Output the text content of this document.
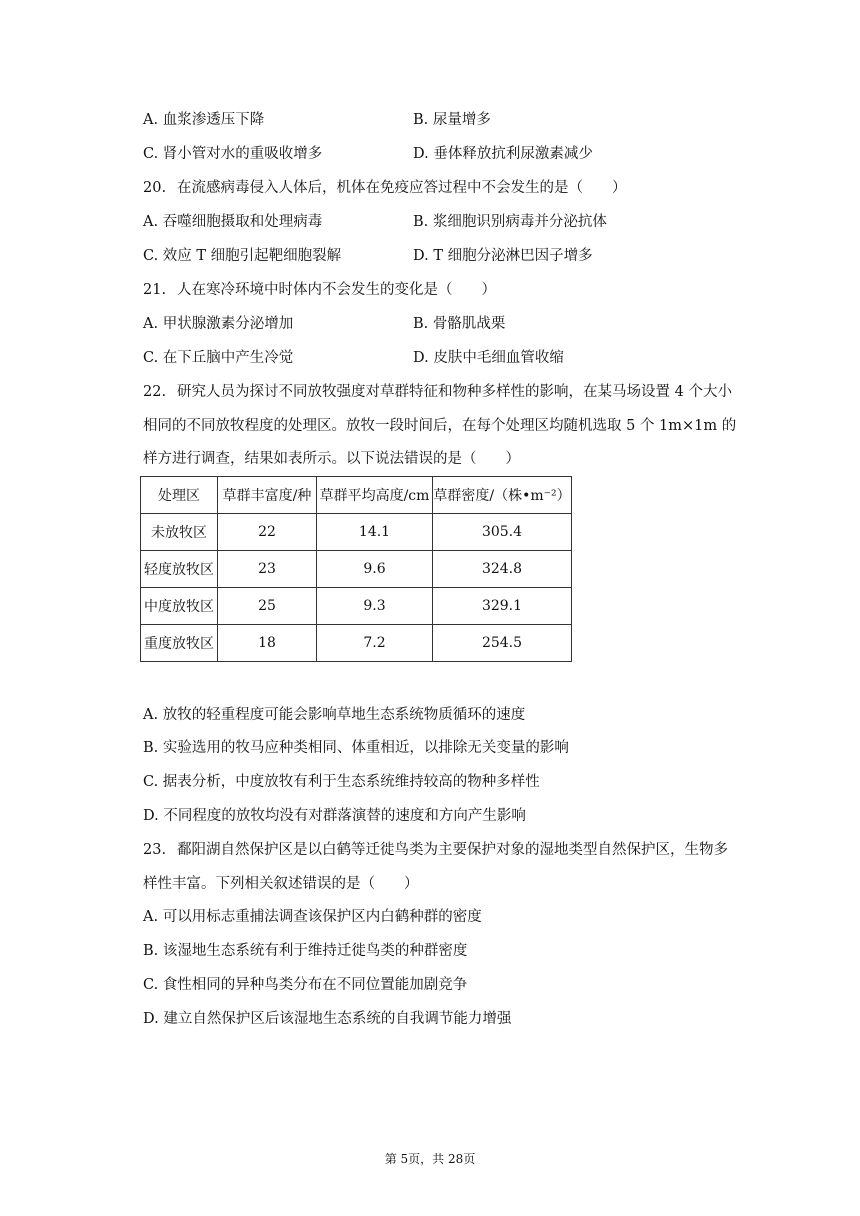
A. 血浆渗透压下降	B. 尿量增多
C. 肾小管对水的重吸收增多	D. 垂体释放抗利尿激素减少
20. 在流感病毒侵入人体后，机体在免疫应答过程中不会发生的是（　　）
A. 吞噬细胞摄取和处理病毒	B. 浆细胞识别病毒并分泌抗体
C. 效应 T 细胞引起靶细胞裂解	D. T 细胞分泌淋巴因子增多
21. 人在寒冷环境中时体内不会发生的变化是（　　）
A. 甲状腺激素分泌增加	B. 骨骼肌战栗
C. 在下丘脑中产生冷觉	D. 皮肤中毛细血管收缩
22. 研究人员为探讨不同放牧强度对草群特征和物种多样性的影响，在某马场设置 4 个大小
相同的不同放牧程度的处理区。放牧一段时间后，在每个处理区均随机选取 5 个 1m×1m 的
样方进行调查，结果如表所示。以下说法错误的是（　　）
处理区	草群丰富度/种	草群平均高度/cm	草群密度/（株•m⁻²）
未放牧区	22	14.1	305.4
轻度放牧区	23	9.6	324.8
中度放牧区	25	9.3	329.1
重度放牧区	18	7.2	254.5
A. 放牧的轻重程度可能会影响草地生态系统物质循环的速度
B. 实验选用的牧马应种类相同、体重相近，以排除无关变量的影响
C. 据表分析，中度放牧有利于生态系统维持较高的物种多样性
D. 不同程度的放牧均没有对群落演替的速度和方向产生影响
23. 鄱阳湖自然保护区是以白鹤等迁徙鸟类为主要保护对象的湿地类型自然保护区，生物多
样性丰富。下列相关叙述错误的是（　　）
A. 可以用标志重捕法调查该保护区内白鹤种群的密度
B. 该湿地生态系统有利于维持迁徙鸟类的种群密度
C. 食性相同的异种鸟类分布在不同位置能加剧竞争
D. 建立自然保护区后该湿地生态系统的自我调节能力增强
第 5页，共 28页
